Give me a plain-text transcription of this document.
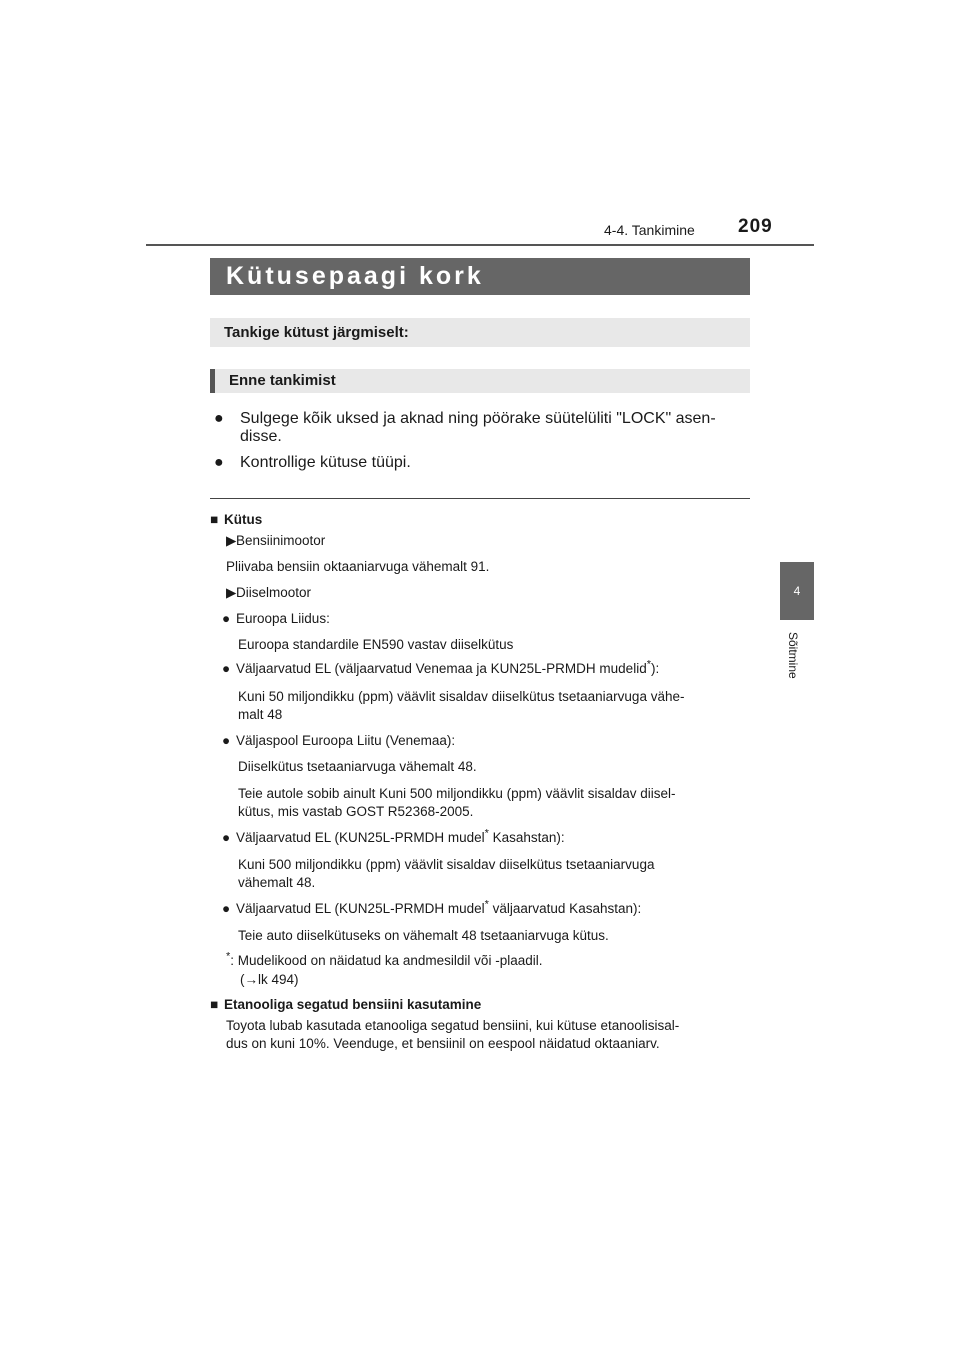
4-4. Tankimine 209
4
Sõitmine
Kütusepaagi kork
Tankige kütust järgmiselt:
Enne tankimist
● Sulgege kõik uksed ja aknad ning pöörake süütelüliti "LOCK" asen-
disse.
● Kontrollige kütuse tüüpi.
■ Kütus
▶Bensiinimootor
Pliivaba bensiin oktaaniarvuga vähemalt 91.
▶Diiselmootor
● Euroopa Liidus:
Euroopa standardile EN590 vastav diiselkütus
● Väljaarvatud EL (väljaarvatud Venemaa ja KUN25L-PRMDH mudelid*):
Kuni 50 miljondikku (ppm) väävlit sisaldav diiselkütus tsetaaniarvuga vähe-
malt 48
● Väljaspool Euroopa Liitu (Venemaa):
Diiselkütus tsetaaniarvuga vähemalt 48.
Teie autole sobib ainult Kuni 500 miljondikku (ppm) väävlit sisaldav diisel-
kütus, mis vastab GOST R52368-2005.
● Väljaarvatud EL (KUN25L-PRMDH mudel* Kasahstan):
Kuni 500 miljondikku (ppm) väävlit sisaldav diiselkütus tsetaaniarvuga
vähemalt 48.
● Väljaarvatud EL (KUN25L-PRMDH mudel* väljaarvatud Kasahstan):
Teie auto diiselkütuseks on vähemalt 48 tsetaaniarvuga kütus.
*: Mudelikood on näidatud ka andmesildil või -plaadil.
(→lk 494)
■ Etanooliga segatud bensiini kasutamine
Toyota lubab kasutada etanooliga segatud bensiini, kui kütuse etanoolisisal-
dus on kuni 10%. Veenduge, et bensiinil on eespool näidatud oktaaniarv.
